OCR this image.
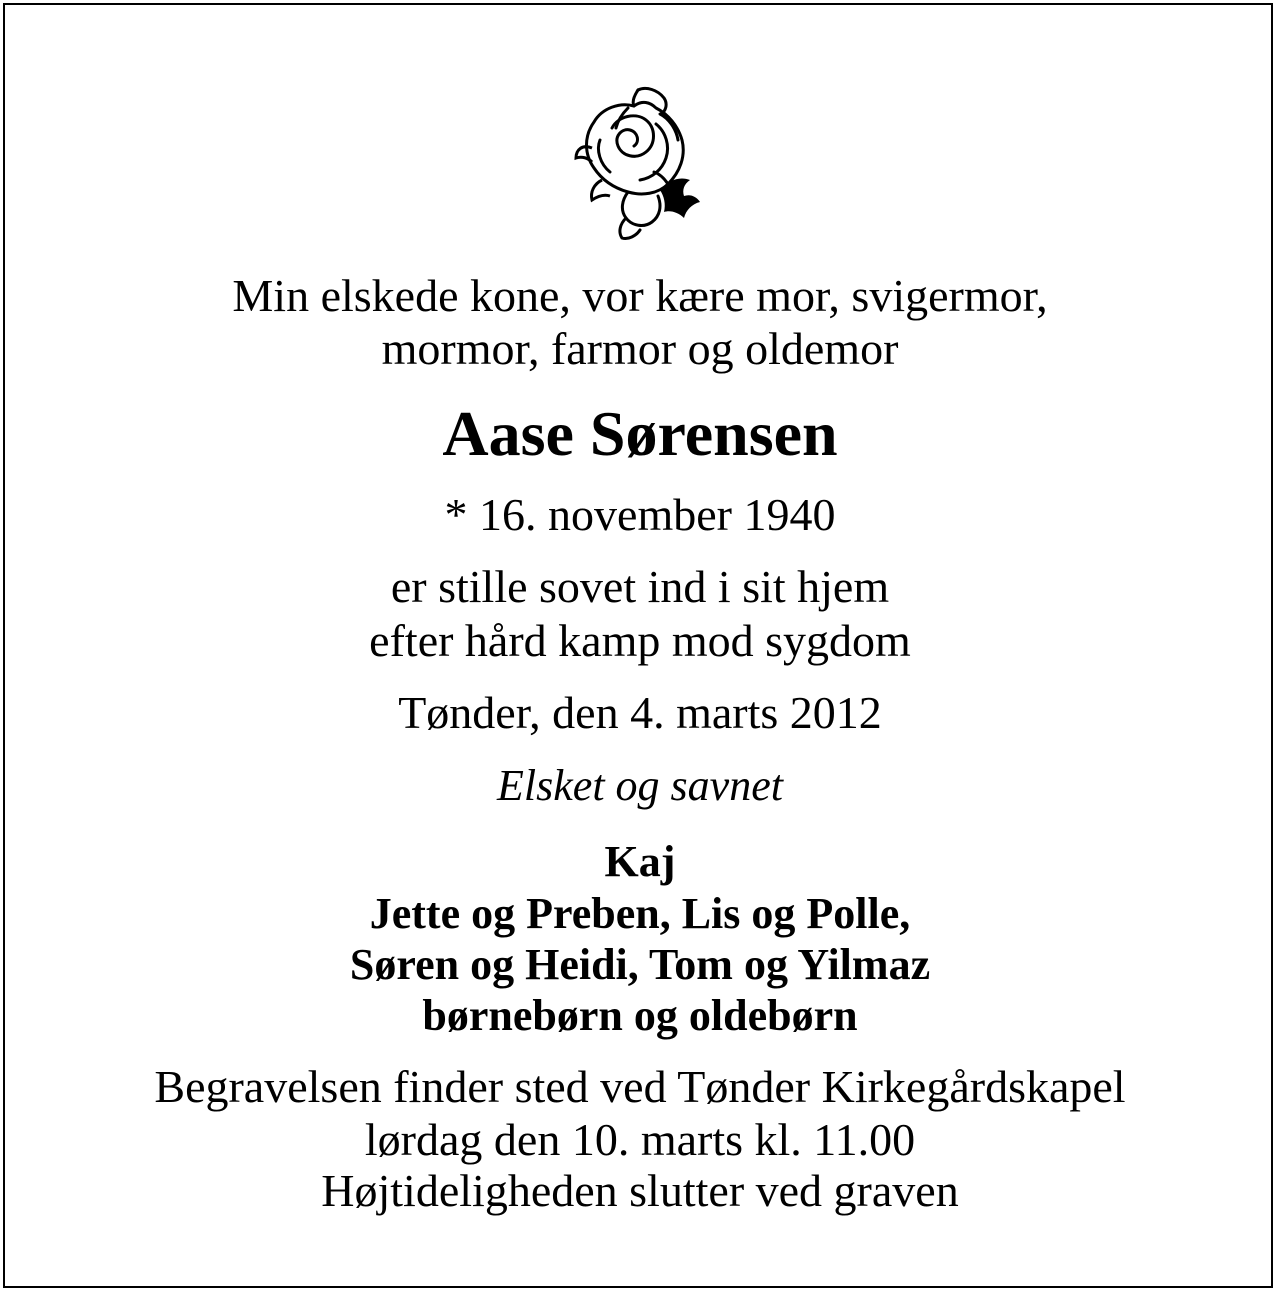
Min elskede kone, vor kære mor, svigermor,
mormor, farmor og oldemor
Aase Sørensen
* 16. november 1940
er stille sovet ind i sit hjem
efter hård kamp mod sygdom
Tønder, den 4. marts 2012
Elsket og savnet
Kaj
Jette og Preben, Lis og Polle,
Søren og Heidi, Tom og Yilmaz
børnebørn og oldebørn
Begravelsen finder sted ved Tønder Kirkegårdskapel
lørdag den 10. marts kl. 11.00
Højtideligheden slutter ved graven
